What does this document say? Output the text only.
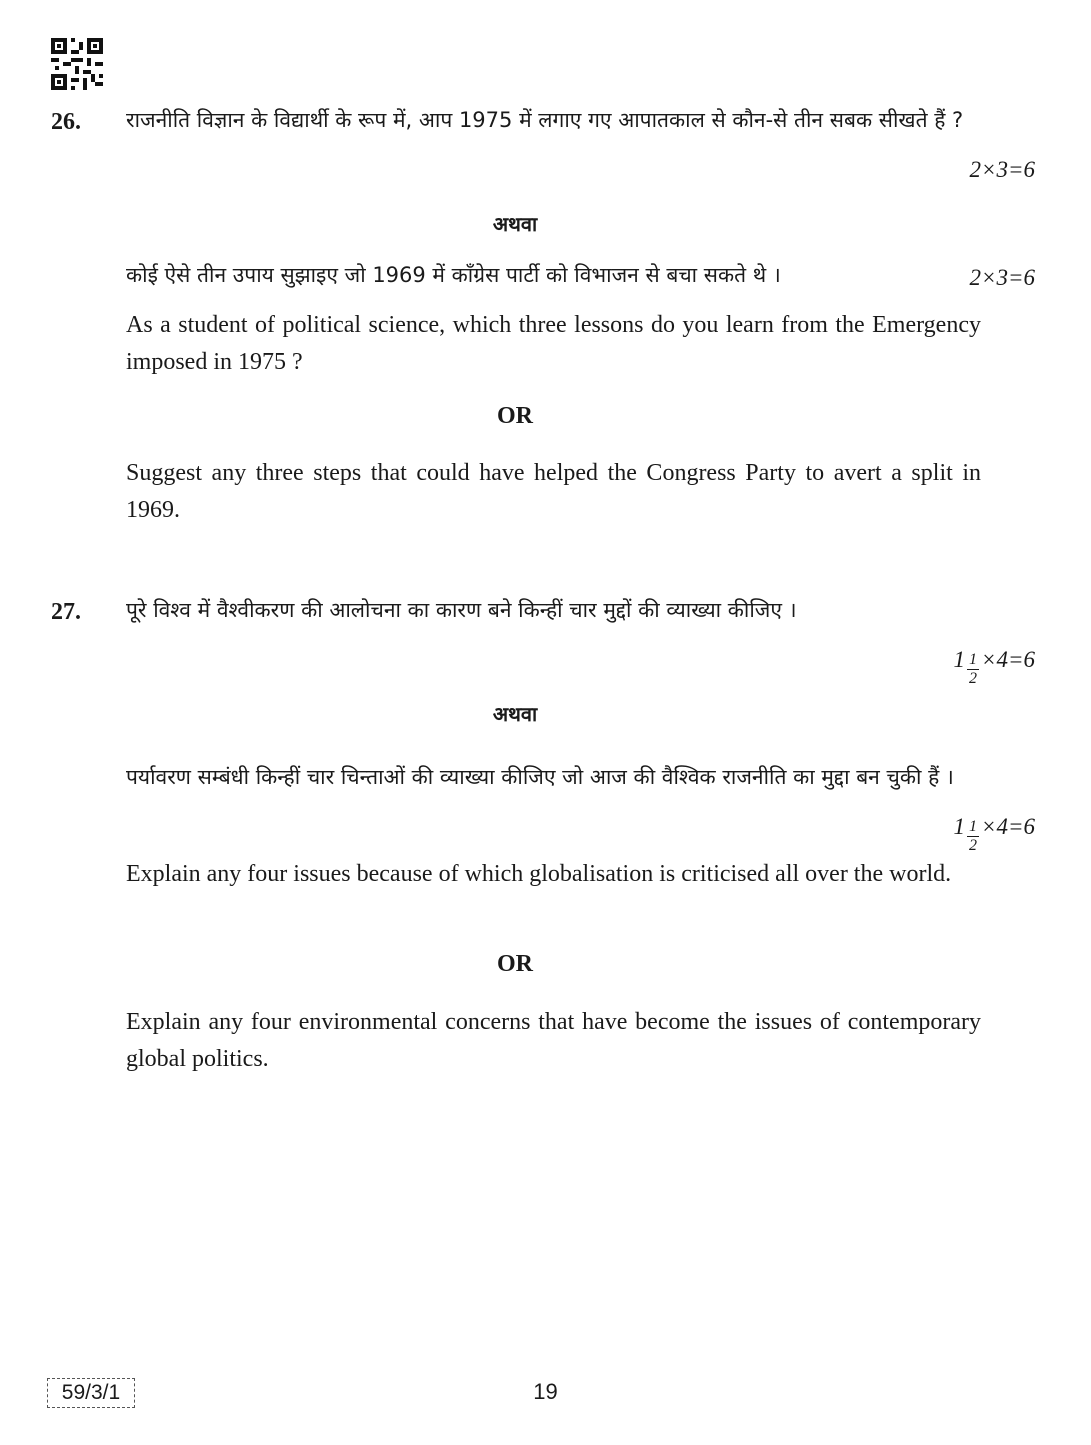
26. राजनीति विज्ञान के विद्यार्थी के रूप में, आप 1975 में लगाए गए आपातकाल से कौन-से तीन सबक सीखते हैं ?
2×3=6
अथवा
कोई ऐसे तीन उपाय सुझाइए जो 1969 में काँग्रेस पार्टी को विभाजन से बचा सकते थे ।	2×3=6
As a student of political science, which three lessons do you learn from the Emergency imposed in 1975 ?
OR
Suggest any three steps that could have helped the Congress Party to avert a split in 1969.
27. पूरे विश्व में वैश्वीकरण की आलोचना का कारण बने किन्हीं चार मुद्दों की व्याख्या कीजिए ।
$1 \frac{1}{2} \times 4=6$
अथवा
पर्यावरण सम्बंधी किन्हीं चार चिन्ताओं की व्याख्या कीजिए जो आज की वैश्विक राजनीति का मुद्दा बन चुकी हैं ।
$1 \frac{1}{2} \times 4=6$
Explain any four issues because of which globalisation is criticised all over the world.
OR
Explain any four environmental concerns that have become the issues of contemporary global politics.
59/3/1	19
